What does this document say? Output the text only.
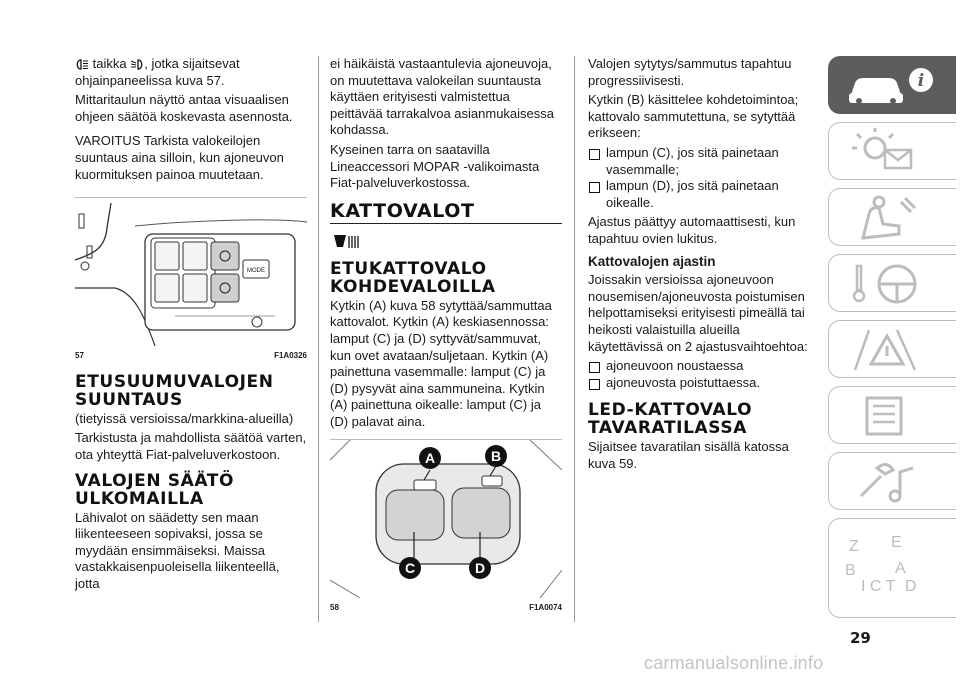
taikka , jotka sijaitsevat
ohjainpaneelissa kuva 57.

Mittaritaulun näyttö antaa visuaalisen ohjeen säätöä koskevasta asennosta.

VAROITUS Tarkista valokeilojen suuntaus aina silloin, kun ajoneuvon kuormituksen painoa muutetaan.

MODE
57	F1A0326
ETUSUUMUVALOJEN SUUNTAUS

(tietyissä versioissa/markkina-alueilla)

Tarkistusta ja mahdollista säätöä varten, ota yhteyttä Fiat-palveluverkostoon.

VALOJEN SÄÄTÖ ULKOMAILLA

Lähivalot on säädetty sen maan liikenteeseen sopivaksi, jossa se myydään ensimmäiseksi. Maissa vastakkaisenpuoleisella liikenteellä, jotta

ei häikäistä vastaantulevia ajoneuvoja, on muutettava valokeilan suuntausta käyttäen erityisesti valmistettua peittävää tarrakalvoa asianmukaisessa kohdassa.

Kyseinen tarra on saatavilla Lineaccessori MOPAR -valikoimasta Fiat-palveluverkostossa.

KATTOVALOT
ETUKATTOVALO KOHDEVALOILLA

Kytkin (A) kuva 58 sytyttää/sammuttaa kattovalot. Kytkin (A) keskiasennossa: lamput (C) ja (D) syttyvät/sammuvat, kun ovet avataan/suljetaan. Kytkin (A) painettuna vasemmalle: lamput (C) ja (D) pysyvät aina sammuneina. Kytkin (A) painettuna oikealle: lamput (C) ja (D) palavat aina.

A	B
C	D
58	F1A0074

Valojen sytytys/sammutus tapahtuu progressiivisesti.

Kytkin (B) käsittelee kohdetoimintoa; kattovalo sammutettuna, se sytyttää erikseen:

lampun (C), jos sitä painetaan vasemmalle;
lampun (D), jos sitä painetaan oikealle.

Ajastus päättyy automaattisesti, kun tapahtuu ovien lukitus.

Kattovalojen ajastin

Joissakin versioissa ajoneuvoon nousemisen/ajoneuvosta poistumisen helpottamiseksi erityisesti pimeällä tai heikosti valaistuilla alueilla käytettävissä on 2 ajastusvaihtoehtoa:

ajoneuvoon noustaessa
ajoneuvosta poistuttaessa.
LED-KATTOVALO TAVARATILASSA

Sijaitsee tavaratilan sisällä katossa kuva 59.

i
Z E
B A
I C T D
29
carmanualsonline.info
